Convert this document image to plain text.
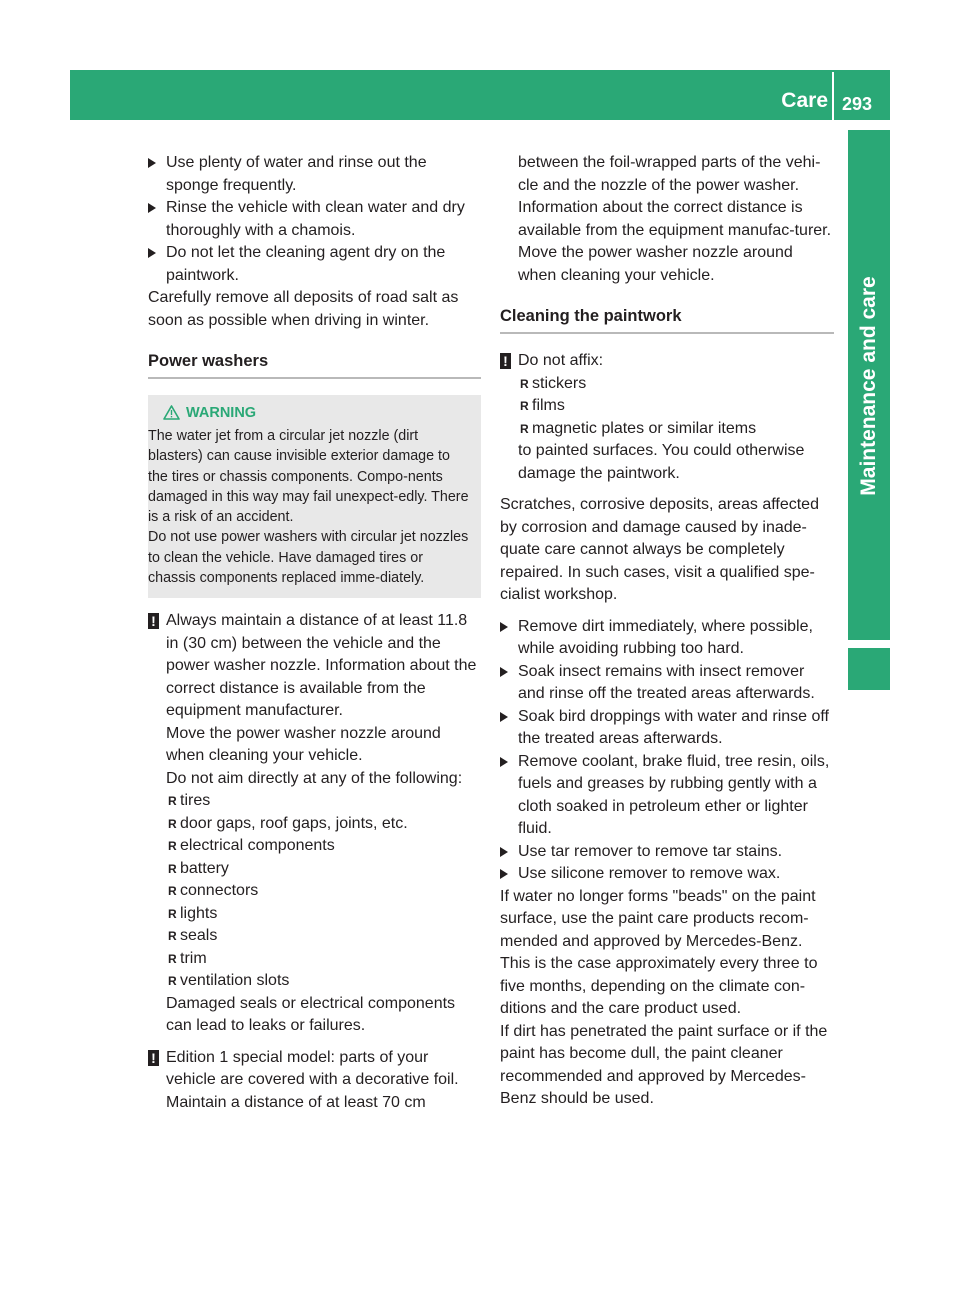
Care 293
Maintenance and care

Use plenty of water and rinse out the sponge frequently.

Rinse the vehicle with clean water and dry thoroughly with a chamois.

Do not let the cleaning agent dry on the paintwork.

Carefully remove all deposits of road salt as soon as possible when driving in winter.

Power washers
WARNING

The water jet from a circular jet nozzle (dirt blasters) can cause invisible exterior damage to the tires or chassis components. Compo-nents damaged in this way may fail unexpect-edly. There is a risk of an accident.

Do not use power washers with circular jet nozzles to clean the vehicle. Have damaged tires or chassis components replaced imme-diately.

! Always maintain a distance of at least 11.8 in (30 cm) between the vehicle and the power washer nozzle. Information about the correct distance is available from the equipment manufacturer.

Move the power washer nozzle around when cleaning your vehicle.

Do not aim directly at any of the following:

R tires

R door gaps, roof gaps, joints, etc.

R electrical components

R battery

R connectors

R lights

R seals

R trim

R ventilation slots

Damaged seals or electrical components can lead to leaks or failures.

! Edition 1 special model: parts of your vehicle are covered with a decorative foil. Maintain a distance of at least 70 cm

between the foil-wrapped parts of the vehi-cle and the nozzle of the power washer.

Information about the correct distance is available from the equipment manufac-turer.

Move the power washer nozzle around when cleaning your vehicle.

Cleaning the paintwork

! Do not affix:

R stickers

R films

R magnetic plates or similar items

to painted surfaces. You could otherwise damage the paintwork.

Scratches, corrosive deposits, areas affected by corrosion and damage caused by inade-quate care cannot always be completely repaired. In such cases, visit a qualified spe-cialist workshop.

Remove dirt immediately, where possible, while avoiding rubbing too hard.

Soak insect remains with insect remover and rinse off the treated areas afterwards.

Soak bird droppings with water and rinse off the treated areas afterwards.

Remove coolant, brake fluid, tree resin, oils, fuels and greases by rubbing gently with a cloth soaked in petroleum ether or lighter fluid.

Use tar remover to remove tar stains.

Use silicone remover to remove wax.

If water no longer forms "beads" on the paint surface, use the paint care products recom-mended and approved by Mercedes-Benz. This is the case approximately every three to five months, depending on the climate con-ditions and the care product used.

If dirt has penetrated the paint surface or if the paint has become dull, the paint cleaner recommended and approved by Mercedes-Benz should be used.
